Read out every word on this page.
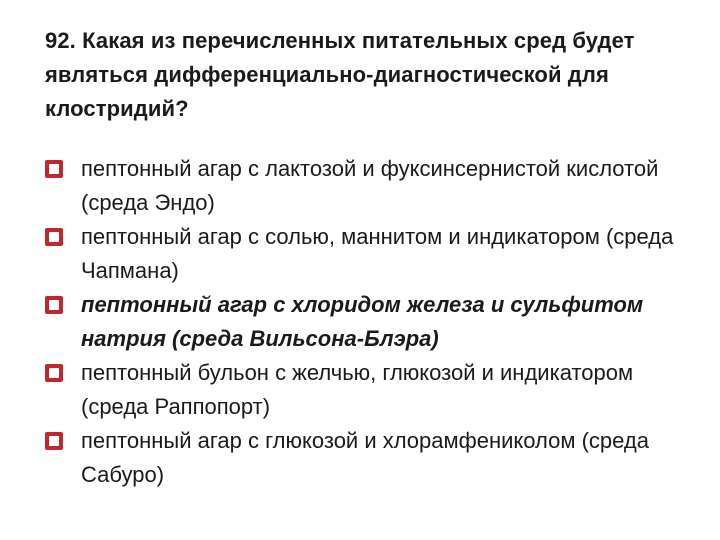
92. Какая из перечисленных питательных сред будет являться дифференциально-диагностической для клостридий?
пептонный агар с лактозой и фуксинсернистой кислотой (среда Эндо)
пептонный агар с солью, маннитом и индикатором (среда Чапмана)
пептонный агар с хлоридом железа и сульфитом натрия (среда Вильсона-Блэра)
пептонный бульон с желчью, глюкозой и индикатором (среда Раппопорт)
пептонный агар с глюкозой и хлорамфениколом (среда Сабуро)
